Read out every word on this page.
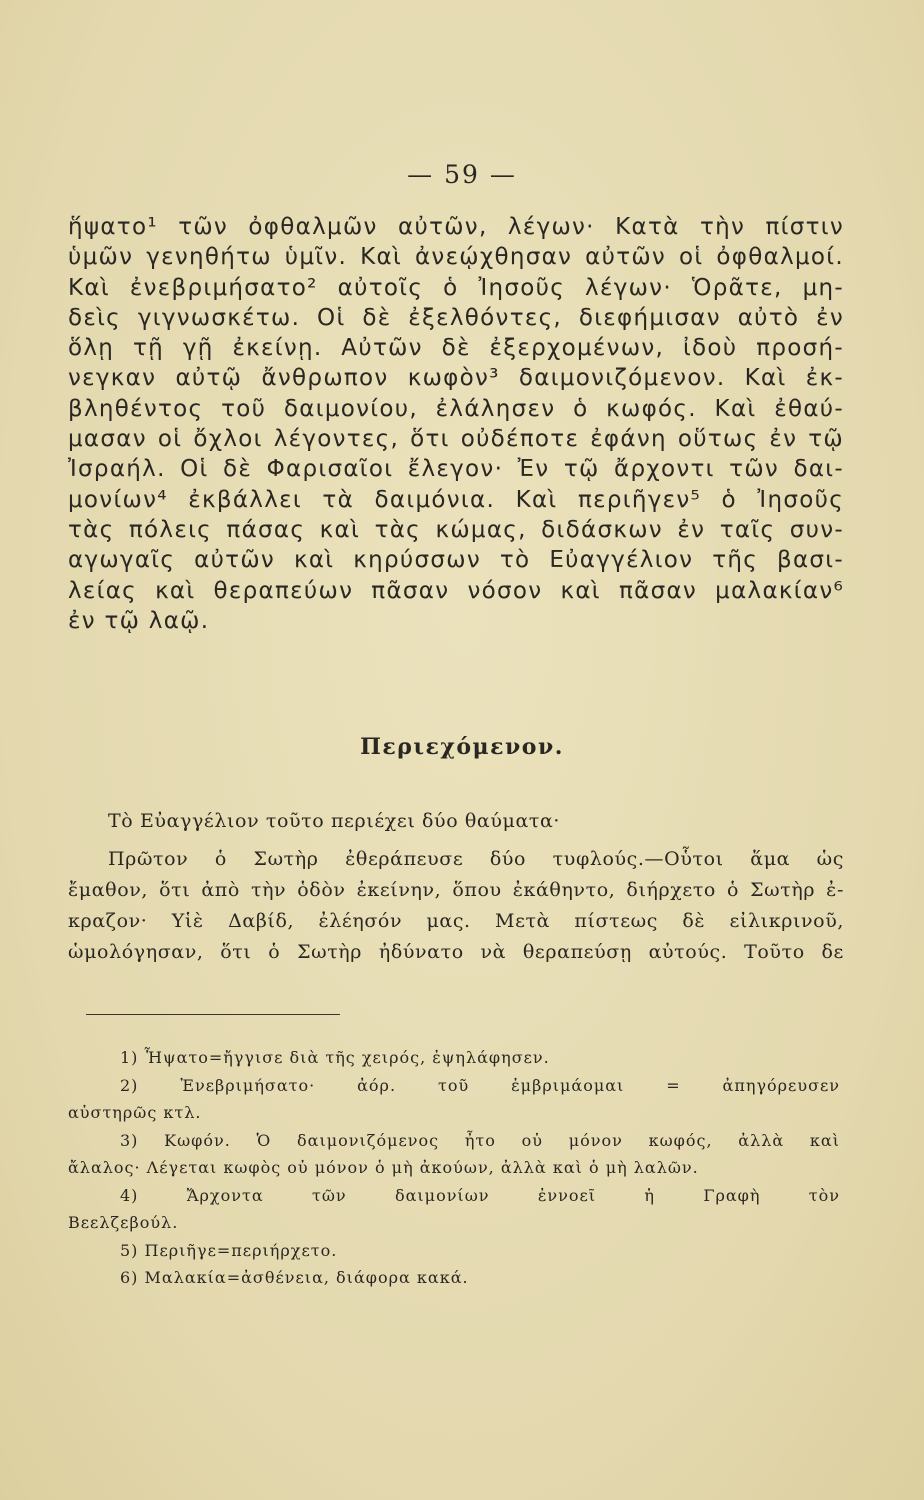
— 59 —
ἥψατο¹ τῶν ὀφθαλμῶν αὐτῶν, λέγων· Κατὰ τὴν πίστιν
ὑμῶν γενηθήτω ὑμῖν. Καὶ ἀνεῴχθησαν αὐτῶν οἱ ὀφθαλμοί.
Καὶ ἐνεβριμήσατο² αὐτοῖς ὁ Ἰησοῦς λέγων· Ὁρᾶτε, μη-
δεὶς γιγνωσκέτω. Οἱ δὲ ἐξελθόντες, διεφήμισαν αὐτὸ ἐν
ὅλῃ τῇ γῇ ἐκείνῃ. Αὐτῶν δὲ ἐξερχομένων, ἰδοὺ προσή-
νεγκαν αὐτῷ ἄνθρωπον κωφὸν³ δαιμονιζόμενον. Καὶ ἐκ-
βληθέντος τοῦ δαιμονίου, ἐλάλησεν ὁ κωφός. Καὶ ἐθαύ-
μασαν οἱ ὄχλοι λέγοντες, ὅτι οὐδέποτε ἐφάνη οὕτως ἐν τῷ
Ἰσραήλ. Οἱ δὲ Φαρισαῖοι ἔλεγον· Ἐν τῷ ἄρχοντι τῶν δαι-
μονίων⁴ ἐκβάλλει τὰ δαιμόνια. Καὶ περιῆγεν⁵ ὁ Ἰησοῦς
τὰς πόλεις πάσας καὶ τὰς κώμας, διδάσκων ἐν ταῖς συν-
αγωγαῖς αὐτῶν καὶ κηρύσσων τὸ Εὐαγγέλιον τῆς βασι-
λείας καὶ θεραπεύων πᾶσαν νόσον καὶ πᾶσαν μαλακίαν⁶
ἐν τῷ λαῷ.
Περιεχόμενον.
Τὸ Εὐαγγέλιον τοῦτο περιέχει δύο θαύματα·
Πρῶτον ὁ Σωτὴρ ἐθεράπευσε δύο τυφλούς.—Οὗτοι ἅμα ὡς
ἔμαθον, ὅτι ἀπὸ τὴν ὁδὸν ἐκείνην, ὅπου ἐκάθηντο, διήρχετο ὁ Σωτὴρ ἐ-
κραζον· Υἱὲ Δαβίδ, ἐλέησόν μας. Μετὰ πίστεως δὲ εἰλικρινοῦ,
ὡμολόγησαν, ὅτι ὁ Σωτὴρ ἠδύνατο νὰ θεραπεύσῃ αὐτούς. Τοῦτο δε
1) Ἧψατο=ἤγγισε διὰ τῆς χειρός, ἐψηλάφησεν.
2) Ἐνεβριμήσατο· ἀόρ. τοῦ ἐμβριμάομαι = ἀπηγόρευσεν
αὐστηρῶς κτλ.
3) Κωφόν. Ὁ δαιμονιζόμενος ἦτο οὐ μόνον κωφός, ἀλλὰ καὶ
ἄλαλος· Λέγεται κωφὸς οὐ μόνον ὁ μὴ ἀκούων, ἀλλὰ καὶ ὁ μὴ λαλῶν.
4) Ἄρχοντα τῶν δαιμονίων ἐννοεῖ ἡ Γραφὴ τὸν
Βεελζεβούλ.
5) Περιῆγε=περιήρχετο.
6) Μαλακία=ἀσθένεια, διάφορα κακά.
